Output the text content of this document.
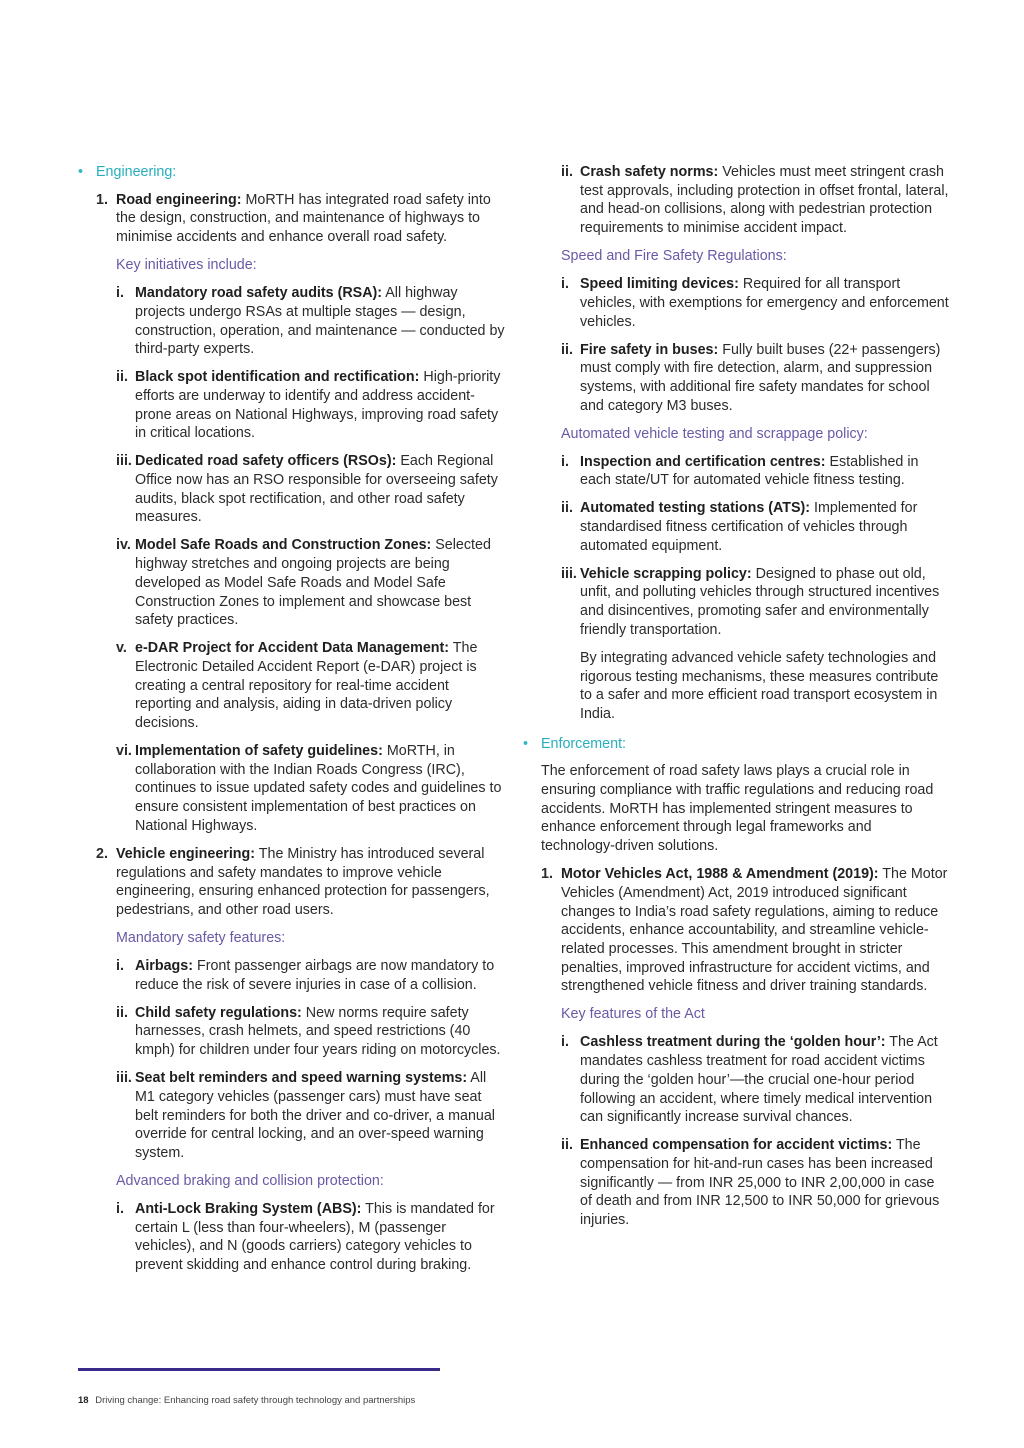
• Engineering:
1. Road engineering: MoRTH has integrated road safety into the design, construction, and maintenance of highways to minimise accidents and enhance overall road safety.
Key initiatives include:
i. Mandatory road safety audits (RSA): All highway projects undergo RSAs at multiple stages — design, construction, operation, and maintenance — conducted by third-party experts.
ii. Black spot identification and rectification: High-priority efforts are underway to identify and address accident-prone areas on National Highways, improving road safety in critical locations.
iii. Dedicated road safety officers (RSOs): Each Regional Office now has an RSO responsible for overseeing safety audits, black spot rectification, and other road safety measures.
iv. Model Safe Roads and Construction Zones: Selected highway stretches and ongoing projects are being developed as Model Safe Roads and Model Safe Construction Zones to implement and showcase best safety practices.
v. e-DAR Project for Accident Data Management: The Electronic Detailed Accident Report (e-DAR) project is creating a central repository for real-time accident reporting and analysis, aiding in data-driven policy decisions.
vi. Implementation of safety guidelines: MoRTH, in collaboration with the Indian Roads Congress (IRC), continues to issue updated safety codes and guidelines to ensure consistent implementation of best practices on National Highways.
2. Vehicle engineering: The Ministry has introduced several regulations and safety mandates to improve vehicle engineering, ensuring enhanced protection for passengers, pedestrians, and other road users.
Mandatory safety features:
i. Airbags: Front passenger airbags are now mandatory to reduce the risk of severe injuries in case of a collision.
ii. Child safety regulations: New norms require safety harnesses, crash helmets, and speed restrictions (40 kmph) for children under four years riding on motorcycles.
iii. Seat belt reminders and speed warning systems: All M1 category vehicles (passenger cars) must have seat belt reminders for both the driver and co-driver, a manual override for central locking, and an over-speed warning system.
Advanced braking and collision protection:
i. Anti-Lock Braking System (ABS): This is mandated for certain L (less than four-wheelers), M (passenger vehicles), and N (goods carriers) category vehicles to prevent skidding and enhance control during braking.
ii. Crash safety norms: Vehicles must meet stringent crash test approvals, including protection in offset frontal, lateral, and head-on collisions, along with pedestrian protection requirements to minimise accident impact.
Speed and Fire Safety Regulations:
i. Speed limiting devices: Required for all transport vehicles, with exemptions for emergency and enforcement vehicles.
ii. Fire safety in buses: Fully built buses (22+ passengers) must comply with fire detection, alarm, and suppression systems, with additional fire safety mandates for school and category M3 buses.
Automated vehicle testing and scrappage policy:
i. Inspection and certification centres: Established in each state/UT for automated vehicle fitness testing.
ii. Automated testing stations (ATS): Implemented for standardised fitness certification of vehicles through automated equipment.
iii. Vehicle scrapping policy: Designed to phase out old, unfit, and polluting vehicles through structured incentives and disincentives, promoting safer and environmentally friendly transportation.
By integrating advanced vehicle safety technologies and rigorous testing mechanisms, these measures contribute to a safer and more efficient road transport ecosystem in India.
• Enforcement:
The enforcement of road safety laws plays a crucial role in ensuring compliance with traffic regulations and reducing road accidents. MoRTH has implemented stringent measures to enhance enforcement through legal frameworks and technology-driven solutions.
1. Motor Vehicles Act, 1988 & Amendment (2019): The Motor Vehicles (Amendment) Act, 2019 introduced significant changes to India’s road safety regulations, aiming to reduce accidents, enhance accountability, and streamline vehicle-related processes. This amendment brought in stricter penalties, improved infrastructure for accident victims, and strengthened vehicle fitness and driver training standards.
Key features of the Act
i. Cashless treatment during the ‘golden hour’: The Act mandates cashless treatment for road accident victims during the ‘golden hour’—the crucial one-hour period following an accident, where timely medical intervention can significantly increase survival chances.
ii. Enhanced compensation for accident victims: The compensation for hit-and-run cases has been increased significantly — from INR 25,000 to INR 2,00,000 in case of death and from INR 12,500 to INR 50,000 for grievous injuries.
18 Driving change: Enhancing road safety through technology and partnerships
